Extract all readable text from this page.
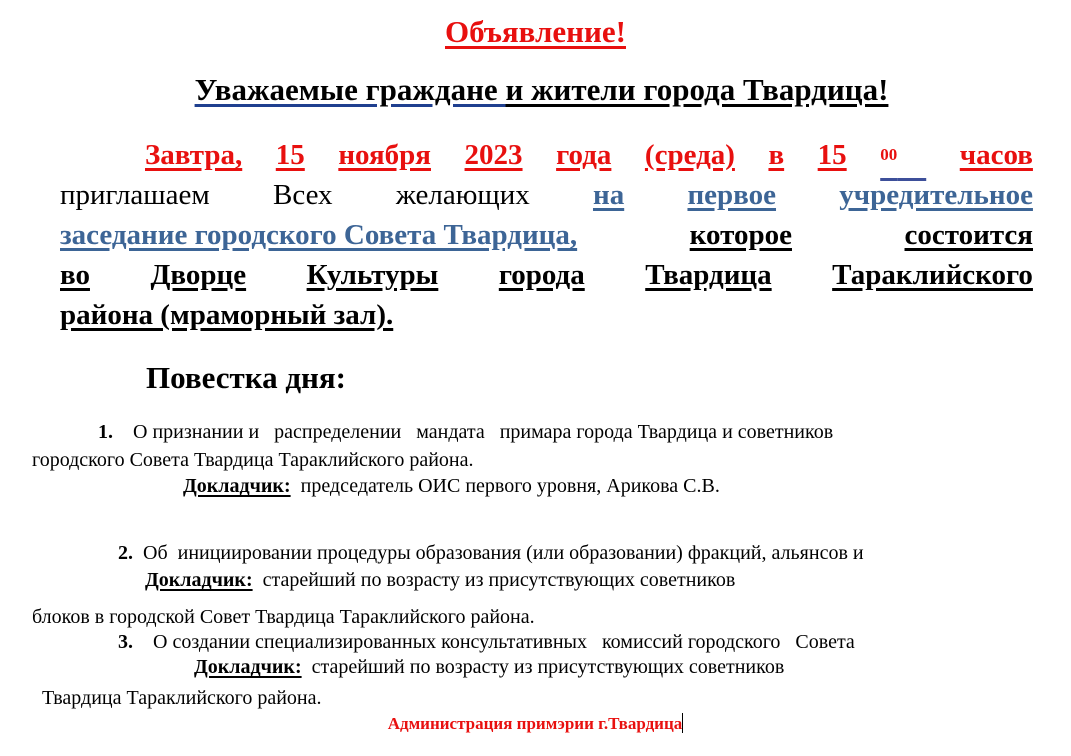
Объявление!
Уважаемые граждане и жители города Твардица!
Завтра, 15 ноября 2023 года (среда) в 15 $^{00}$	часов
приглашаем Всех желающих на первое учредительное
заседание городского Совета Твардица,	которое	состоится
во Дворце Культуры города Твардица Тараклийского
района (мраморный зал).
Повестка дня:
1. О признании и   распределении   мандата   примара города Твардица и советников
городского Совета Твардица Тараклийского района.
Докладчик: председатель ОИС первого уровня, Арикова С.В.

2. Об  инициировании процедуры образования (или образовании) фракций, альянсов и

блоков в городской Совет Твардица Тараклийского района.
Докладчик: старейший по возрасту из присутствующих советников

3. О создании специализированных консультативных   комиссий городского   Совета

Твардица Тараклийского района.
Докладчик: старейший по возрасту из присутствующих советников
Администрация примэрии г.Твардица
